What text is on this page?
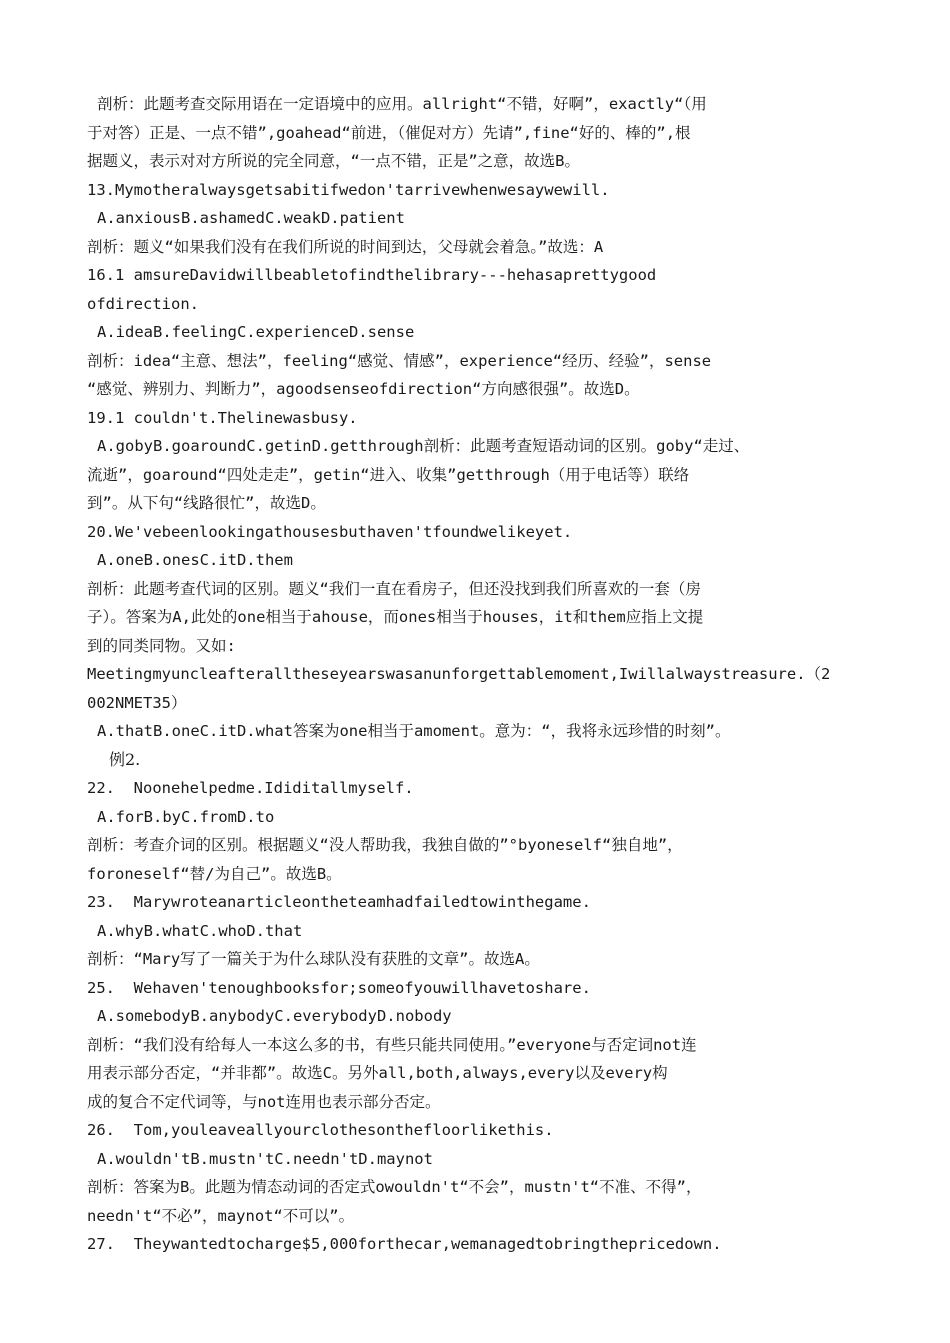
剖析：此题考查交际用语在一定语境中的应用。allright“不错，好啊”，exactly“（用
于对答）正是、一点不错”,goahead“前进，（催促对方）先请”,fine“好的、棒的”,根
据题义，表示对对方所说的完全同意，“一点不错，正是”之意，故选B。
13.Mymotheralwaysgetsabitifwedon'tarrivewhenwesaywewill.
A.anxiousB.ashamedC.weakD.patient
剖析：题义“如果我们没有在我们所说的时间到达，父母就会着急。”故选：A
16.1 amsureDavidwillbeabletofindthelibrary---hehasaprettygood
ofdirection.
A.ideaB.feelingC.experienceD.sense
剖析：idea“主意、想法”，feeling“感觉、情感”，experience“经历、经验”，sense
“感觉、辨别力、判断力”，agoodsenseofdirection“方向感很强”。故选D。
19.1 couldn't.Thelinewasbusy.
A.gobyB.goaroundC.getinD.getthrough剖析：此题考查短语动词的区别。goby“走过、
流逝”，goaround“四处走走”，getin“进入、收集”getthrough（用于电话等）联络
到”。从下句“线路很忙”，故选D。
20.We'vebeenlookingathousesbuthaven'tfoundwelikeyet.
A.oneB.onesC.itD.them
剖析：此题考查代词的区别。题义“我们一直在看房子，但还没找到我们所喜欢的一套（房
子）。答案为A,此处的one相当于ahouse，而ones相当于houses，it和them应指上文提
到的同类同物。又如:
Meetingmyuncleafteralltheseyearswasanunforgettablemoment,Iwillalwaystreasure.（2
002NMET35）
A.thatB.oneC.itD.what答案为one相当于amoment。意为：“，我将永远珍惜的时刻”。
例2.
22.  Noonehelpedme.Ididitallmyself.
A.forB.byC.fromD.to
剖析：考查介词的区别。根据题义“没人帮助我，我独自做的”°byoneself“独自地”，
foroneself“替/为自己”。故选B。
23.  Marywroteanarticleontheteamhadfailedtowinthegame.
A.whyB.whatC.whoD.that
剖析：“Mary写了一篇关于为什么球队没有获胜的文章”。故选A。
25.  Wehaven'tenoughbooksfor;someofyouwillhavetoshare.
A.somebodyB.anybodyC.everybodyD.nobody
剖析：“我们没有给每人一本这么多的书，有些只能共同使用。”everyone与否定词not连
用表示部分否定，“并非都”。故选C。另外all,both,always,every以及every构
成的复合不定代词等，与not连用也表示部分否定。
26.  Tom,youleaveallyourclothesonthefloorlikethis.
A.wouldn'tB.mustn'tC.needn'tD.maynot
剖析：答案为B。此题为情态动词的否定式owouldn't“不会”，mustn't“不准、不得”，
needn't“不必”，maynot“不可以”。
27.  Theywantedtocharge$5,000forthecar,wemanagedtobringthepricedown.
